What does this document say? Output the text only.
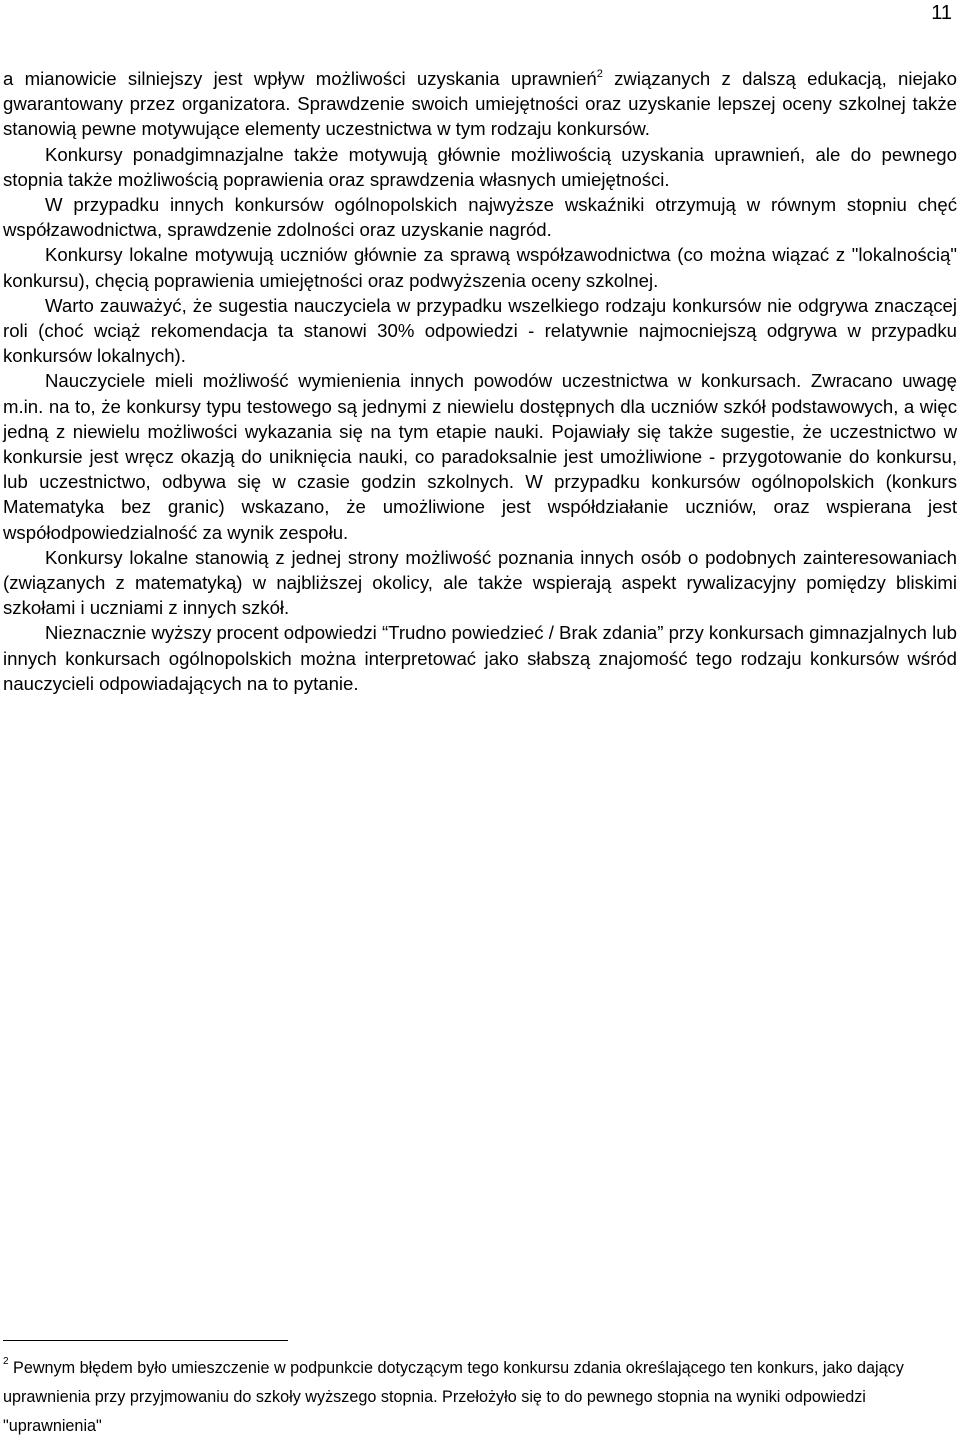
11

a mianowicie silniejszy jest wpływ możliwości uzyskania uprawnień$^2$ związanych z dalszą edukacją, niejako gwarantowany przez organizatora. Sprawdzenie swoich umiejętności oraz uzyskanie lepszej oceny szkolnej także stanowią pewne motywujące elementy uczestnictwa w tym rodzaju konkursów.

Konkursy ponadgimnazjalne także motywują głównie możliwością uzyskania uprawnień, ale do pewnego stopnia także możliwością poprawienia oraz sprawdzenia własnych umiejętności.

W przypadku innych konkursów ogólnopolskich najwyższe wskaźniki otrzymują w równym stopniu chęć współzawodnictwa, sprawdzenie zdolności oraz uzyskanie nagród.

Konkursy lokalne motywują uczniów głównie za sprawą współzawodnictwa (co można wiązać z "lokalnością" konkursu), chęcią poprawienia umiejętności oraz podwyższenia oceny szkolnej.

Warto zauważyć, że sugestia nauczyciela w przypadku wszelkiego rodzaju konkursów nie odgrywa znaczącej roli (choć wciąż rekomendacja ta stanowi 30% odpowiedzi - relatywnie najmocniejszą odgrywa w przypadku konkursów lokalnych).

Nauczyciele mieli możliwość wymienienia innych powodów uczestnictwa w konkursach. Zwracano uwagę m.in. na to, że konkursy typu testowego są jednymi z niewielu dostępnych dla uczniów szkół podstawowych, a więc jedną z niewielu możliwości wykazania się na tym etapie nauki. Pojawiały się także sugestie, że uczestnictwo w konkursie jest wręcz okazją do uniknięcia nauki, co paradoksalnie jest umożliwione - przygotowanie do konkursu, lub uczestnictwo, odbywa się w czasie godzin szkolnych. W przypadku konkursów ogólnopolskich (konkurs Matematyka bez granic) wskazano, że umożliwione jest współdziałanie uczniów, oraz wspierana jest współodpowiedzialność za wynik zespołu.

Konkursy lokalne stanowią z jednej strony możliwość poznania innych osób o podobnych zainteresowaniach (związanych z matematyką) w najbliższej okolicy, ale także wspierają aspekt rywalizacyjny pomiędzy bliskimi szkołami i uczniami z innych szkół.

Nieznacznie wyższy procent odpowiedzi “Trudno powiedzieć / Brak zdania” przy konkursach gimnazjalnych lub innych konkursach ogólnopolskich można interpretować jako słabszą znajomość tego rodzaju konkursów wśród nauczycieli odpowiadających na to pytanie.

$^2$ Pewnym błędem było umieszczenie w podpunkcie dotyczącym tego konkursu zdania określającego ten konkurs, jako dający uprawnienia przy przyjmowaniu do szkoły wyższego stopnia. Przełożyło się to do pewnego stopnia na wyniki odpowiedzi "uprawnienia"
